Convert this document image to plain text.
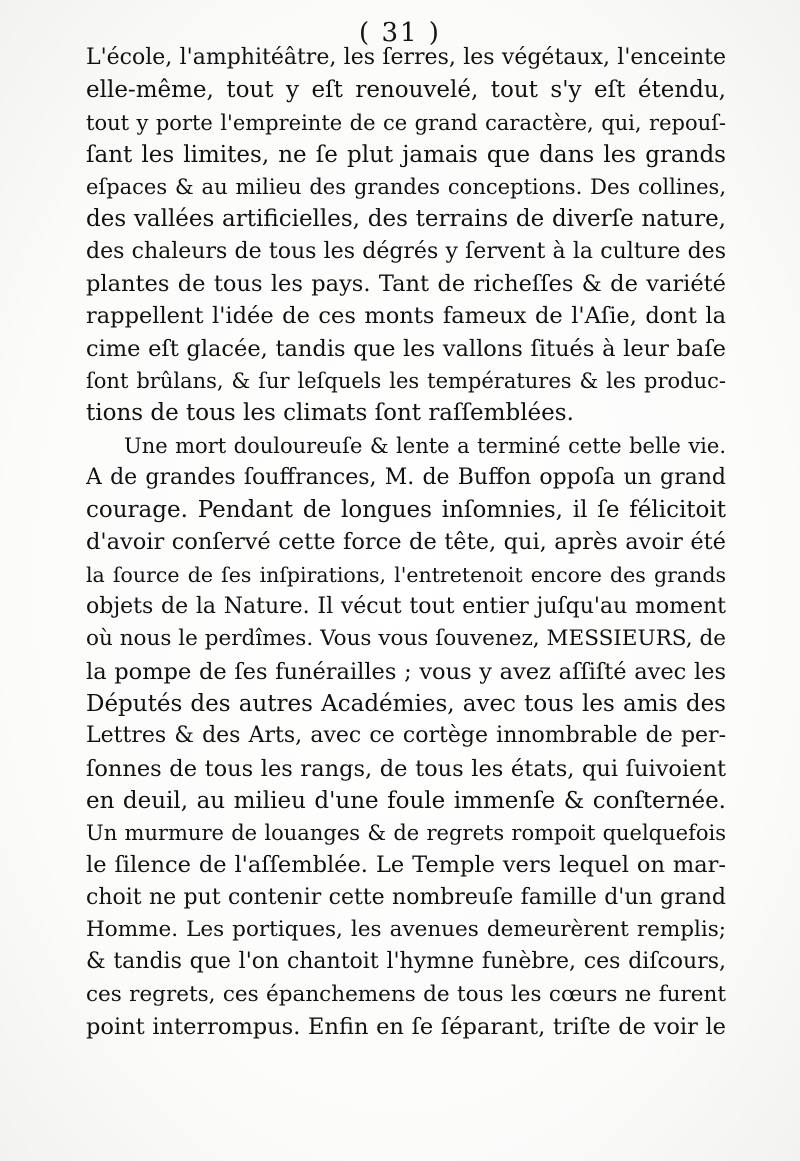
( 31 )
L'école, l'amphitéâtre, les ſerres, les végétaux, l'enceinte
elle-même, tout y eſt renouvelé, tout s'y eſt étendu,
tout y porte l'empreinte de ce grand caractère, qui, repouſ-
ſant les limites, ne ſe plut jamais que dans les grands
eſpaces & au milieu des grandes conceptions. Des collines,
des vallées artificielles, des terrains de diverſe nature,
des chaleurs de tous les dégrés y ſervent à la culture des
plantes de tous les pays. Tant de richeſſes & de variété
rappellent l'idée de ces monts fameux de l'Aſie, dont la
cime eſt glacée, tandis que les vallons ſitués à leur baſe
ſont brûlans, & ſur leſquels les températures & les produc-
tions de tous les climats ſont raſſemblées.
Une mort douloureuſe & lente a terminé cette belle vie.
A de grandes ſouffrances, M. de Buffon oppoſa un grand
courage. Pendant de longues inſomnies, il ſe félicitoit
d'avoir conſervé cette force de tête, qui, après avoir été
la ſource de ſes inſpirations, l'entretenoit encore des grands
objets de la Nature. Il vécut tout entier juſqu'au moment
où nous le perdîmes. Vous vous ſouvenez, MESSIEURS, de
la pompe de ſes funérailles ; vous y avez aſſiſté avec les
Députés des autres Académies, avec tous les amis des
Lettres & des Arts, avec ce cortège innombrable de per-
ſonnes de tous les rangs, de tous les états, qui ſuivoient
en deuil, au milieu d'une foule immenſe & conſternée.
Un murmure de louanges & de regrets rompoit quelquefois
le ſilence de l'aſſemblée. Le Temple vers lequel on mar-
choit ne put contenir cette nombreuſe famille d'un grand
Homme. Les portiques, les avenues demeurèrent remplis;
& tandis que l'on chantoit l'hymne funèbre, ces diſcours,
ces regrets, ces épanchemens de tous les cœurs ne furent
point interrompus. Enfin en ſe ſéparant, triſte de voir le
